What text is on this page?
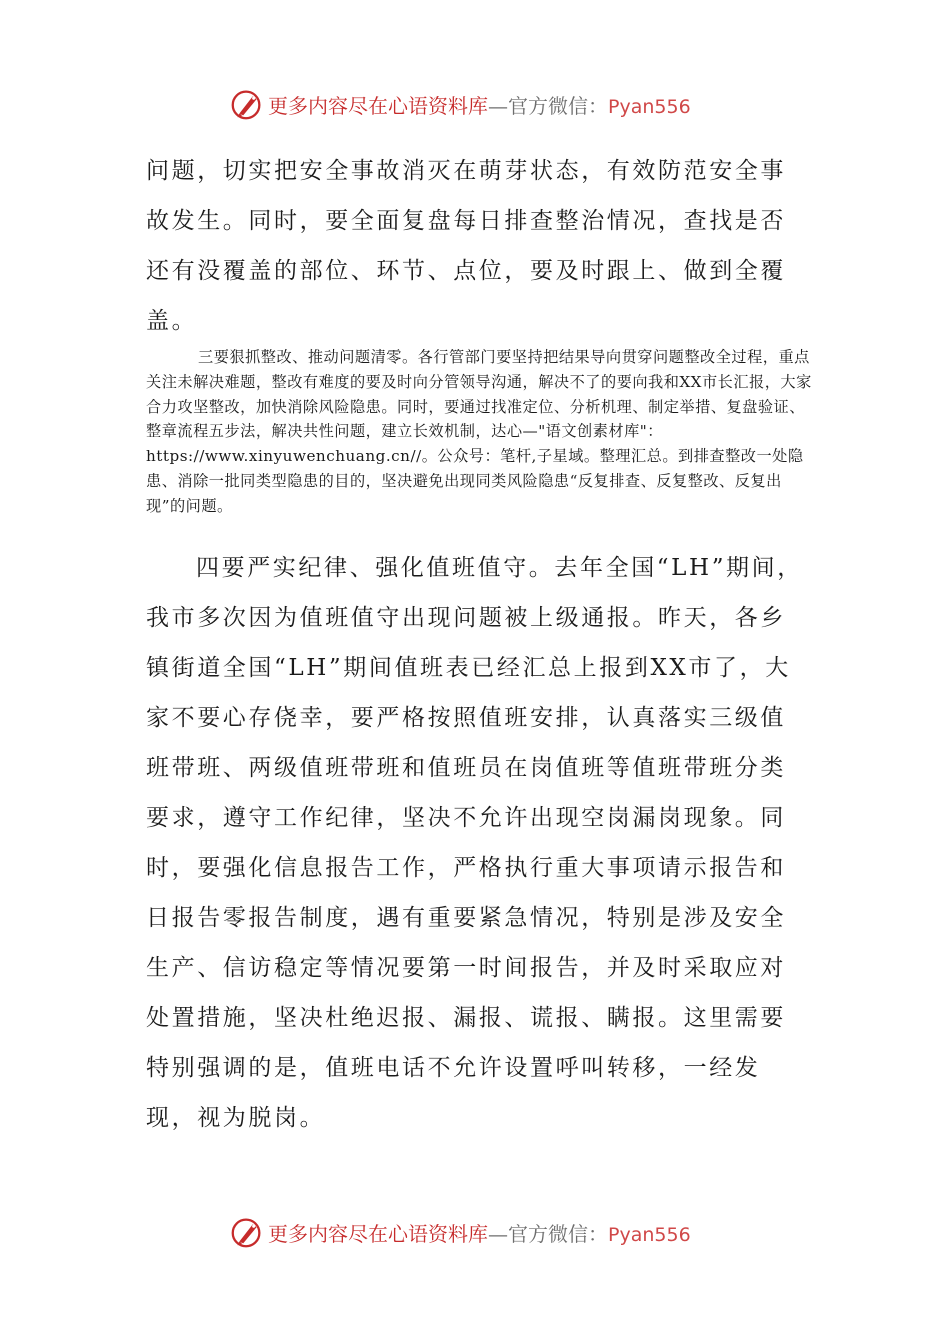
更多内容尽在心语资料库—官方微信：Pyan556

问题，切实把安全事故消灭在萌芽状态，有效防范安全事故发生。同时，要全面复盘每日排查整治情况，查找是否还有没覆盖的部位、环节、点位，要及时跟上、做到全覆盖。

三要狠抓整改、推动问题清零。各行管部门要坚持把结果导向贯穿问题整改全过程，重点关注未解决难题，整改有难度的要及时向分管领导沟通，解决不了的要向我和XX市长汇报，大家合力攻坚整改，加快消除风险隐患。同时，要通过找准定位、分析机理、制定举措、复盘验证、整章流程五步法，解决共性问题，建立长效机制，达心—"语文创素材库"：https://www.xinyuwenchuang.cn//。公众号：笔杆,子星域。整理汇总。到排查整改一处隐患、消除一批同类型隐患的目的，坚决避免出现同类风险隐患“反复排查、反复整改、反复出现”的问题。

四要严实纪律、强化值班值守。去年全国“LH”期间，我市多次因为值班值守出现问题被上级通报。昨天，各乡镇街道全国“LH”期间值班表已经汇总上报到XX市了，大家不要心存侥幸，要严格按照值班安排，认真落实三级值班带班、两级值班带班和值班员在岗值班等值班带班分类要求，遵守工作纪律，坚决不允许出现空岗漏岗现象。同时，要强化信息报告工作，严格执行重大事项请示报告和日报告零报告制度，遇有重要紧急情况，特别是涉及安全生产、信访稳定等情况要第一时间报告，并及时采取应对处置措施，坚决杜绝迟报、漏报、谎报、瞒报。这里需要特别强调的是，值班电话不允许设置呼叫转移，一经发现，视为脱岗。

更多内容尽在心语资料库—官方微信：Pyan556
